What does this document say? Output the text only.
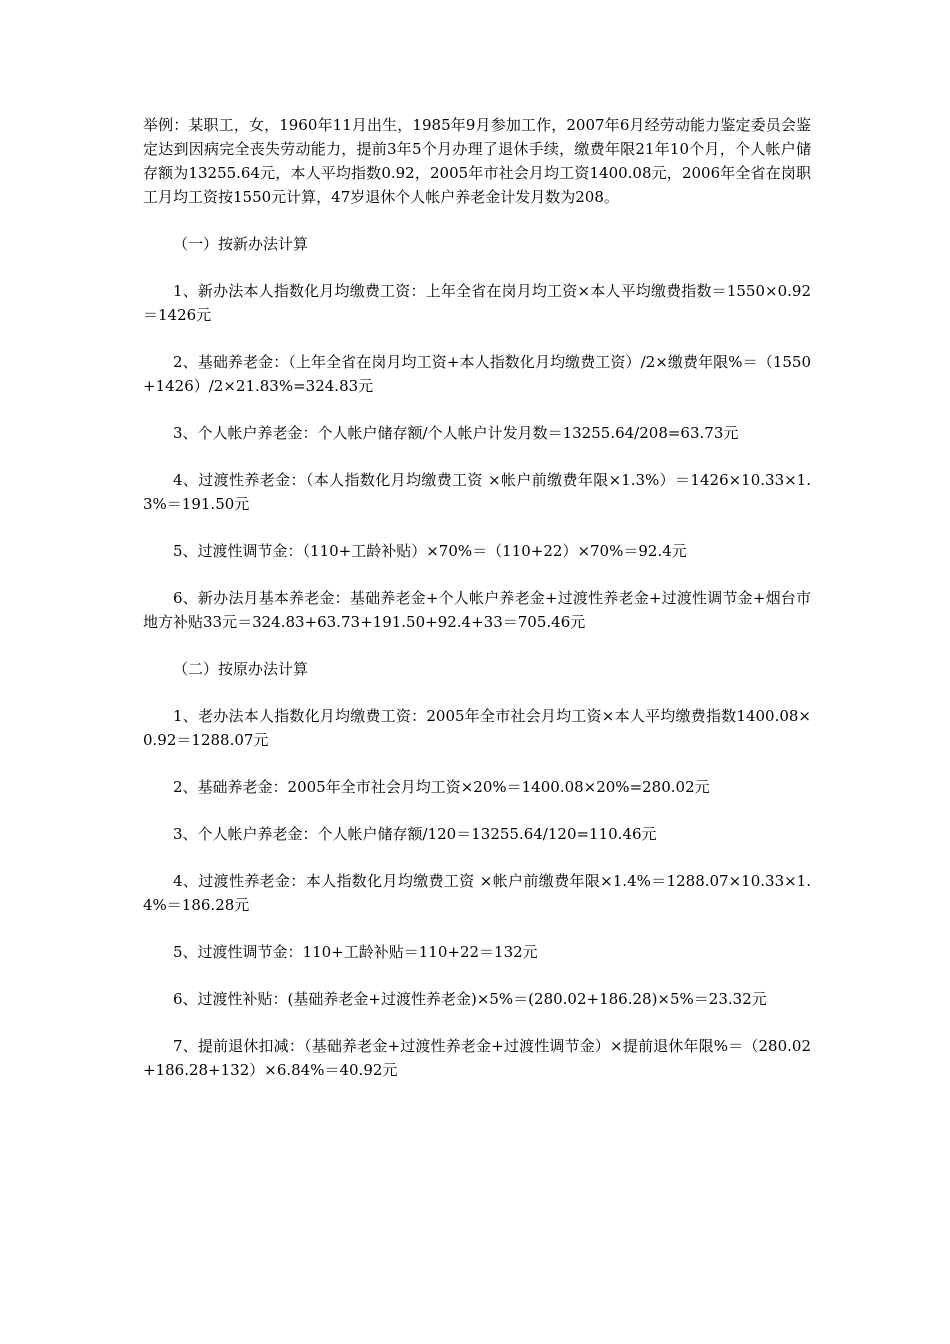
举例：某职工，女，1960年11月出生，1985年9月参加工作，2007年6月经劳动能力鉴定委员会鉴定达到因病完全丧失劳动能力，提前3年5个月办理了退休手续，缴费年限21年10个月，个人帐户储存额为13255.64元，本人平均指数0.92，2005年市社会月均工资1400.08元，2006年全省在岗职工月均工资按1550元计算，47岁退休个人帐户养老金计发月数为208。

（一）按新办法计算

1、新办法本人指数化月均缴费工资：上年全省在岗月均工资×本人平均缴费指数＝1550×0.92＝1426元

2、基础养老金：（上年全省在岗月均工资+本人指数化月均缴费工资）/2×缴费年限%＝（1550+1426）/2×21.83%=324.83元

3、个人帐户养老金：个人帐户储存额/个人帐户计发月数＝13255.64/208=63.73元

4、过渡性养老金：（本人指数化月均缴费工资 ×帐户前缴费年限×1.3%）＝1426×10.33×1.3%＝191.50元

5、过渡性调节金：（110+工龄补贴）×70%＝（110+22）×70%＝92.4元

6、新办法月基本养老金：基础养老金+个人帐户养老金+过渡性养老金+过渡性调节金+烟台市地方补贴33元＝324.83+63.73+191.50+92.4+33＝705.46元

（二）按原办法计算

1、老办法本人指数化月均缴费工资：2005年全市社会月均工资×本人平均缴费指数1400.08×0.92＝1288.07元

2、基础养老金：2005年全市社会月均工资×20%＝1400.08×20%=280.02元

3、个人帐户养老金：个人帐户储存额/120＝13255.64/120=110.46元

4、过渡性养老金：本人指数化月均缴费工资 ×帐户前缴费年限×1.4%＝1288.07×10.33×1.4%＝186.28元

5、过渡性调节金：110+工龄补贴＝110+22＝132元

6、过渡性补贴：(基础养老金+过渡性养老金)×5%＝(280.02+186.28)×5%＝23.32元

7、提前退休扣减：（基础养老金+过渡性养老金+过渡性调节金）×提前退休年限%＝（280.02+186.28+132）×6.84%＝40.92元
